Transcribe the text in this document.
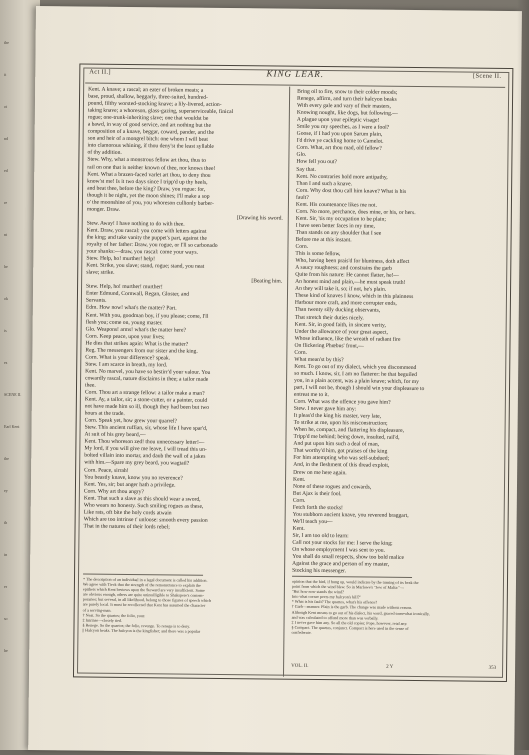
the
it
ot
nd
ed
re
nt
he
ok
is
es
SCENE II.
Earl Kent
the
ey
th
in
er
so
he
Act II.]	KING LEAR.	[Scene II.
Kent. A knave; a rascal; an eater of broken meats; a
base, proud, shallow, beggarly, three-suited, hundred-
pound, filthy worsted-stocking knave; a lily-livered, action-
taking knave; a whoreson, glass-gazing, superserviceable, finical
rogue; one-trunk-inheriting slave; one that wouldst be
a bawd, in way of good service, and art nothing but the
composition of a knave, beggar, coward, pander, and the
son and heir of a mongrel bitch: one whom I will beat
into clamorous whining, if thou deny'st the least syllable
of thy addition.
Stew. Why, what a monstrous fellow art thou, thus to
rail on one that is neither known of thee, nor knows thee!
Kent. What a brazen-faced varlet art thou, to deny thou
know'st me! Is it two days since I tripp'd up thy heels,
and beat thee, before the king? Draw, you rogue: for,
though it be night, yet the moon shines; I'll make a sop
o' the moonshine of you, you whoreson cullionly barber-
monger. Draw.
[Drawing his sword.
Stew. Away! I have nothing to do with thee.
Kent. Draw, you rascal: you come with letters against
the king; and take vanity the puppet's part, against the
royalty of her father: Draw, you rogue, or I'll so carbonado
your shanks:—draw, you rascal: come your ways.
Stew. Help, ho! murther! help!
Kent. Strike, you slave; stand, rogue; stand, you neat
slave; strike.
[Beating him.
Stew. Help, ho! murther! murther!
Enter Edmund, Cornwall, Regan, Gloster, and
Servants.
Edm. How now! what's the matter? Part.
Kent. With you, goodman boy, if you please; come, I'll
flesh you; come on, young master.
Glo. Weapons! arms! what's the matter here?
Corn. Keep peace, upon your lives;
He dies that strikes again: What is the matter?
Reg. The messengers from our sister and the king.
Corn. What is your difference? speak.
Stew. I am scarce in breath, my lord.
Kent. No marvel, you have so bestirr'd your valour. You
cowardly rascal, nature disclaims in thee; a tailor made
thee.
Corn. Thou art a strange fellow: a tailor make a man?
Kent. Ay, a tailor, sir; a stone-cutter, or a painter, could
not have made him so ill, though they had been but two
hours at the trade.
Corn. Speak yet, how grew your quarrel?
Stew. This ancient ruffian, sir, whose life I have spar'd,
At suit of his grey beard,—
Kent. Thou whoreson zed! thou unnecessary letter!—
My lord, if you will give me leave, I will tread this un-
bolted villain into mortar, and daub the wall of a jakes
with him.—Spare my grey beard, you wagtail?
Corn. Peace, sirrah!
You beastly knave, know you no reverence?
Kent. Yes, sir; but anger hath a privilege.
Corn. Why art thou angry?
Kent. That such a slave as this should wear a sword,
Who wears no honesty. Such smiling rogues as these,
Like rats, oft bite the holy cords atwain
Which are too intrinse t' unloose: smooth every passion
That in the natures of their lords rebel;
Bring oil to fire, snow to their colder moods;
Renege, affirm, and turn their halcyon beaks
With every gale and vary of their masters,
Knowing nought, like dogs, but following.—
A plague upon your epileptic visage!
Smile you my speeches, as I were a fool?
Goose, if I had you upon Sarum plain,
I'd drive ye cackling home to Camelot.
Corn. What, art thou mad, old fellow?
Glo.
How fell you out?
Say that.
Kent. No contraries hold more antipathy,
Than I and such a knave.
Corn. Why dost thou call him knave? What is his
fault?
Kent. His countenance likes me not.
Corn. No more, perchance, does mine, or his, or hers.
Kent. Sir, 'tis my occupation to be plain;
I have seen better faces in my time,
Than stands on any shoulder that I see
Before me at this instant.
Corn.
This is some fellow,
Who, having been prais'd for bluntness, doth affect
A saucy roughness; and constrains the garb
Quite from his nature: He cannot flatter, he!—
An honest mind and plain,—he must speak truth!
An they will take it, so; if not, he's plain.
These kind of knaves I know, which in this plainness
Harbour more craft, and more corrupter ends,
Than twenty silly ducking observants,
That stretch their duties nicely.
Kent. Sir, in good faith, in sincere verity,
Under the allowance of your great aspect,
Whose influence, like the wreath of radiant fire
On flickering Phœbus' front,—
Corn.
What mean'st by this?
Kent. To go out of my dialect, which you discommend
so much. I know, sir, I am no flatterer: he that beguiled
you, in a plain accent, was a plain knave; which, for my
part, I will not be, though I should win your displeasure to
entreat me to it.
Corn. What was the offence you gave him?
Stew. I never gave him any:
It pleas'd the king his master, very late,
To strike at me, upon his misconstruction;
When he, compact, and flattering his displeasure,
Tripp'd me behind; being down, insulted, rail'd,
And put upon him such a deal of man,
That worthy'd him, got praises of the king
For him attempting who was self-subdued;
And, in the fleshment of this dread exploit,
Drew on me here again.
Kent.
None of these rogues and cowards,
But Ajax is their fool.
Corn.
Fetch forth the stocks!
You stubborn ancient knave, you reverend braggart,
We'll teach you—
Kent.
Sir, I am too old to learn:
Call not your stocks for me: I serve the king;
On whose employment I was sent to you.
You shall do small respects, show too bold malice
Against the grace and person of my master,
Stocking his messenger.
* The description of an individual in a legal document is called his addition.
We agree with Tieck that the strength of the remonstrance to explain the
epithets which Kent bestows upon the Steward are very insufficient. Some
are obvious enough, others are quite unintelligible to Shakspere's contem-
poraries; but several, in all likelihood, belong to those figures of speech which
are purely local. It must be recollected that Kent has assumed the character
of a serving-man.
† Neat. So the quartos; the folio, your.
‡ Intrinse—closely tied.
§ Renege. So the quartos; the folio, revenge. To renege is to deny.
|| Halcyon beaks. The halcyon is the kingfisher; and there was a popular
opinion that the bird, if hung up, would indicate by the turning of its beak the
point from which the wind blew. So in Marlowe's "Jew of Malta:"—
"But how now stands the wind?
Into what corner peers my halcyon's bill?"
* What is his fault? The quartos, what's his offence?
† Garb—manner. Plain is the garb. The change was made without reason.
Although Kent means to go out of his dialect, his word, graced somewhat ironically,
and was calculated to offend more than was verbally.
‡ I never gave him any. So all the old copies; Pope, however, read any.
§ Compact. The quartos, conjunct. Compact is here used in the sense of
confederate.
VOL. II.	2 Y	353
